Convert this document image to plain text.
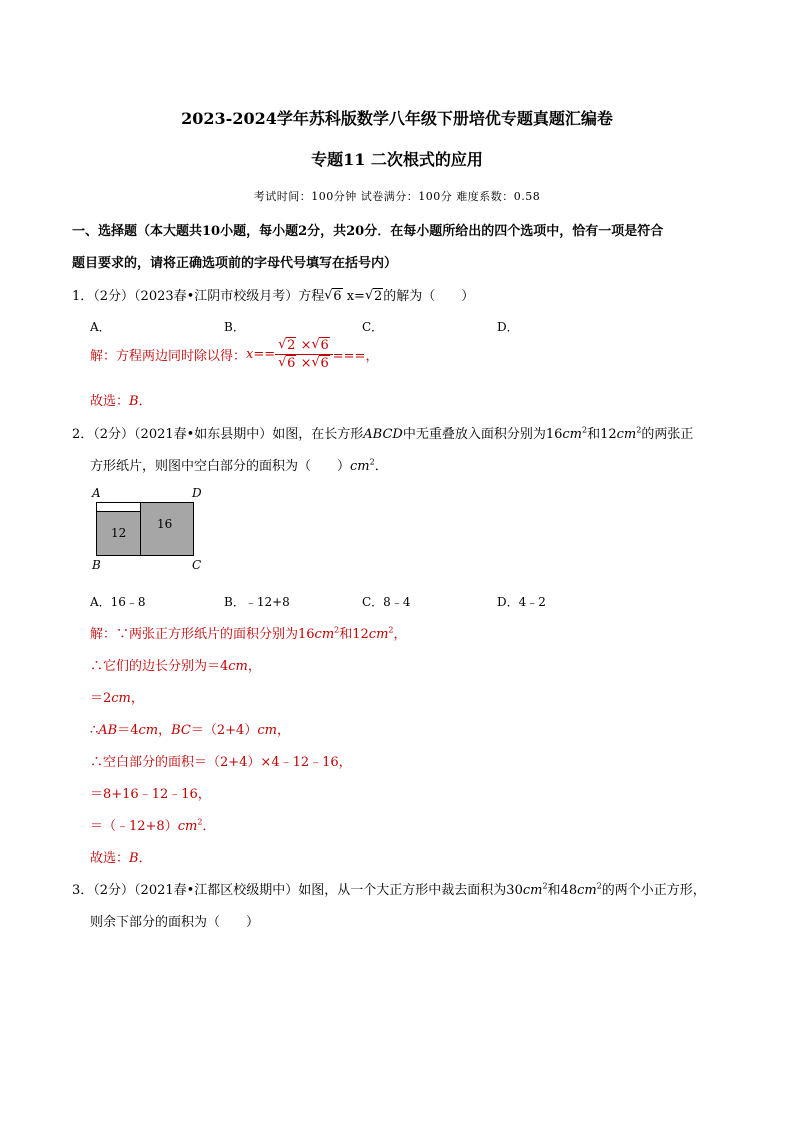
2023-2024学年苏科版数学八年级下册培优专题真题汇编卷
专题11 二次根式的应用
考试时间：100分钟 试卷满分：100分 难度系数：0.58
一、选择题（本大题共10小题，每小题2分，共20分．在每小题所给出的四个选项中，恰有一项是符合
题目要求的，请将正确选项前的字母代号填写在括号内）
1．（2分）（2023春•江阴市校级月考）方程 √ 6 x= √ 2的解为（　　）
A．	B．	C．	D．
解：方程两边同时除以得：$x== \frac{√ 2 \times √ 6}{√ 6 \times √ 6}$ ===，
故选：B．
2．（2分）（2021春•如东县期中）如图，在长方形ABCD中无重叠放入面积分别为$16cm^2$和$12cm^2$的两张正
方形纸片，则图中空白部分的面积为（　　）$cm^2$．
A	D
B	C
12
16
A．16﹣8	B．﹣12+8	C．8﹣4	D．4﹣2
解：∵两张正方形纸片的面积分别为$16cm^2$和$12cm^2$，
∴它们的边长分别为＝4cm，
＝2cm，
∴AB＝4cm，BC＝（2+4）cm，
∴空白部分的面积＝（2+4）×4﹣12﹣16，
＝8+16﹣12﹣16，
$=(﹣12+8)cm^2$．
故选：B．
3．（2分）（2021春•江都区校级期中）如图，从一个大正方形中裁去面积为$30cm^2$和$48cm^2$的两个小正方形，
则余下部分的面积为（　　）
